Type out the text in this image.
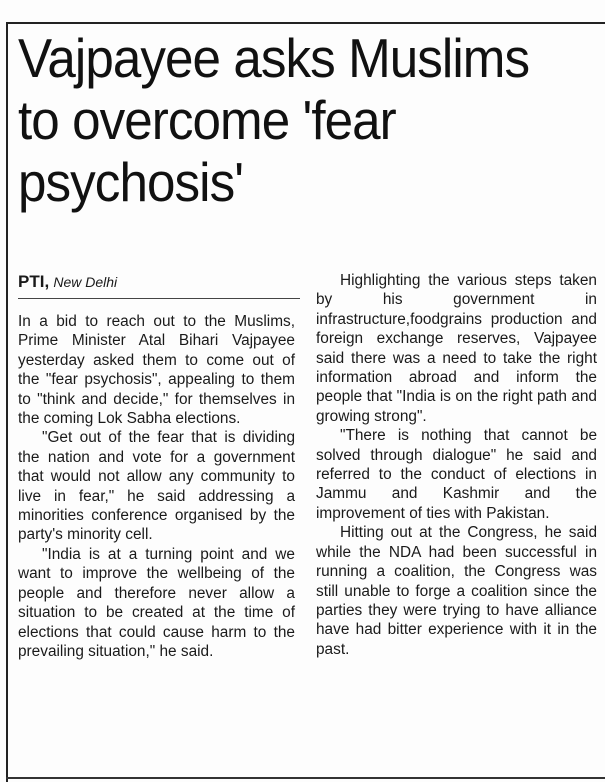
Vajpayee asks Muslims to overcome 'fear psychosis'
PTI, New Delhi

In a bid to reach out to the Muslims, Prime Minister Atal Bihari Vajpayee yesterday asked them to come out of the "fear psychosis", appealing to them to "think and decide," for themselves in the coming Lok Sabha elections.

"Get out of the fear that is dividing the nation and vote for a government that would not allow any community to live in fear," he said addressing a minorities conference organised by the party's minority cell.

"India is at a turning point and we want to improve the wellbeing of the people and therefore never allow a situation to be created at the time of elections that could cause harm to the prevailing situation," he said.

Highlighting the various steps taken by his government in infrastructure,foodgrains production and foreign exchange reserves, Vajpayee said there was a need to take the right information abroad and inform the people that "India is on the right path and growing strong".

"There is nothing that cannot be solved through dialogue" he said and referred to the conduct of elections in Jammu and Kashmir and the improvement of ties with Pakistan.

Hitting out at the Congress, he said while the NDA had been successful in running a coalition, the Congress was still unable to forge a coalition since the parties they were trying to have alliance have had bitter experience with it in the past.
